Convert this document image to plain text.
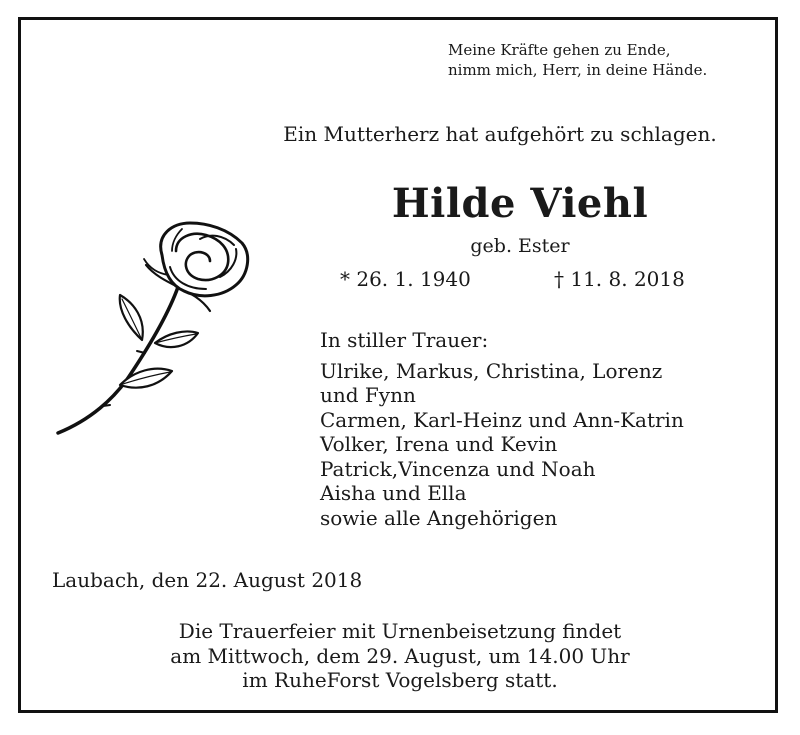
Meine Kräfte gehen zu Ende,
nimm mich, Herr, in deine Hände.
Ein Mutterherz hat aufgehört zu schlagen.
Hilde Viehl
geb. Ester
* 26. 1. 1940	† 11. 8. 2018
In stiller Trauer:
Ulrike, Markus, Christina, Lorenz
und Fynn
Carmen, Karl-Heinz und Ann-Katrin
Volker, Irena und Kevin
Patrick,Vincenza und Noah
Aisha und Ella
sowie alle Angehörigen
Laubach, den 22. August 2018
Die Trauerfeier mit Urnenbeisetzung findet
am Mittwoch, dem 29. August, um 14.00 Uhr
im RuheForst Vogelsberg statt.
